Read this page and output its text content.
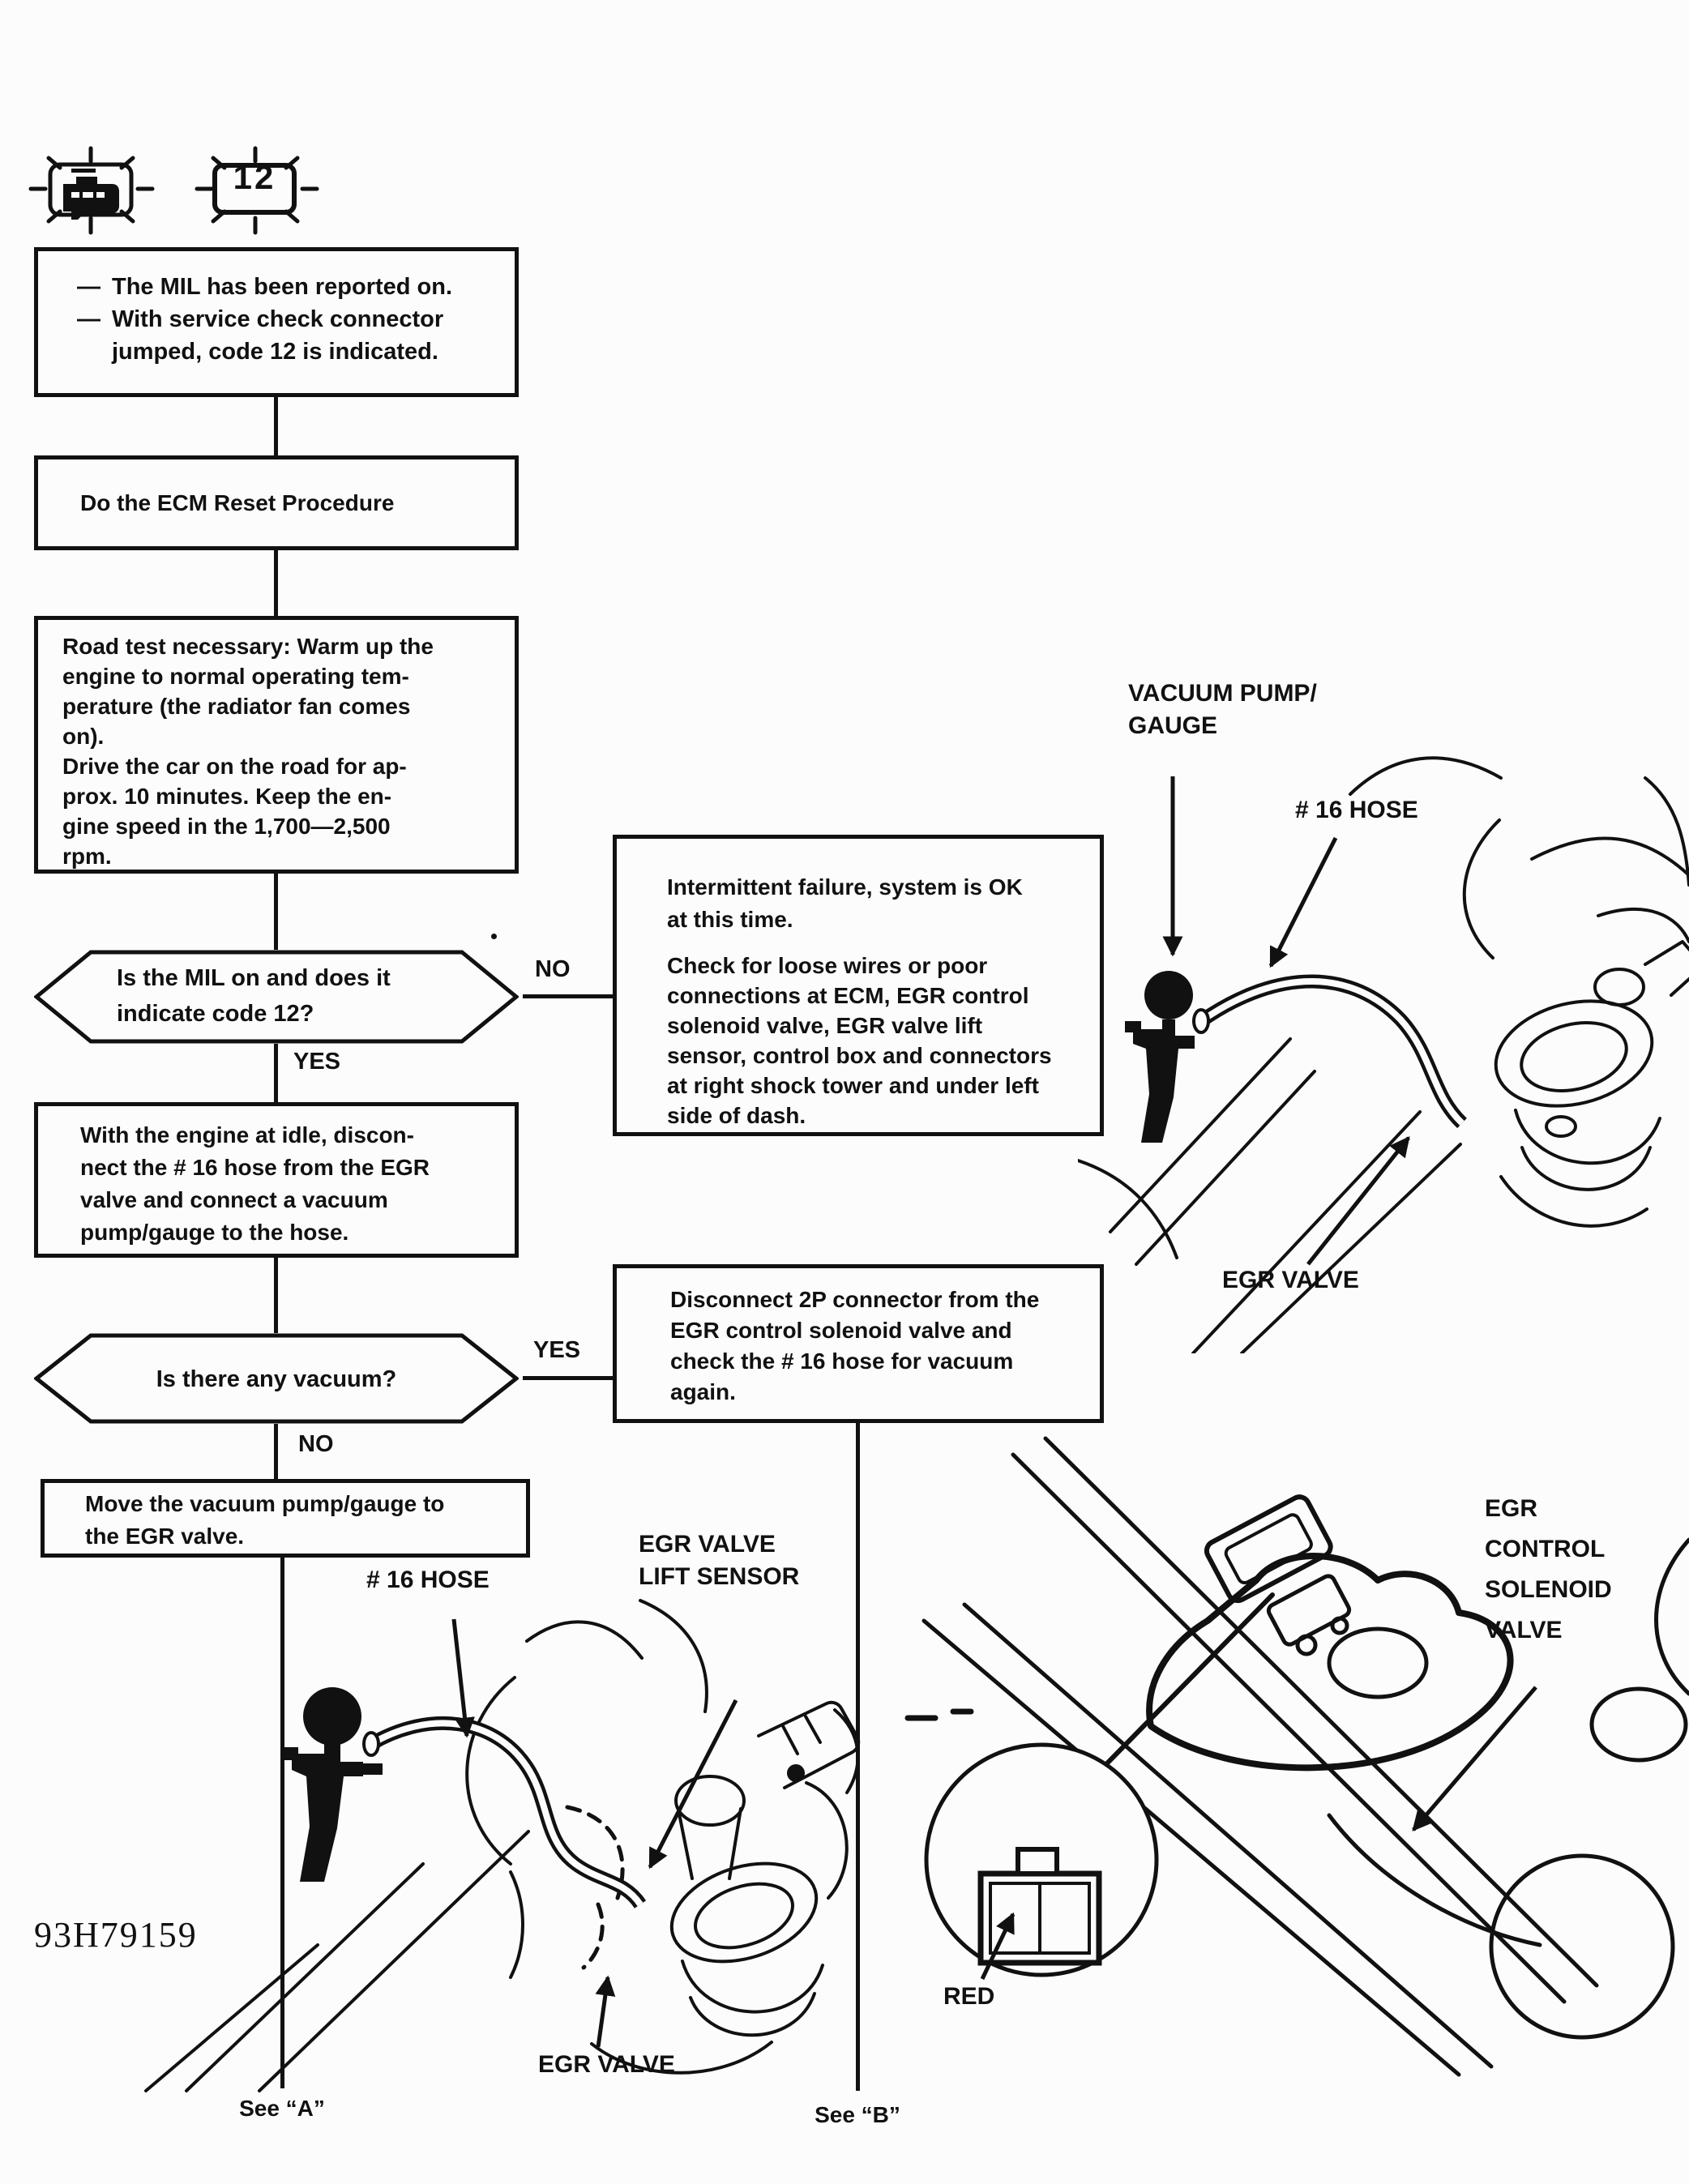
12
— The MIL has been reported on.
— With service check connector
jumped, code 12 is indicated.
Do the ECM Reset Procedure
Road test necessary: Warm up the
engine to normal operating tem-
perature (the radiator fan comes
on).
Drive the car on the road for ap-
prox. 10 minutes. Keep the en-
gine speed in the 1,700—2,500
rpm.
Is the MIL on and does it
indicate code 12?
NO
YES
With the engine at idle, discon-
nect the # 16 hose from the EGR
valve and connect a vacuum
pump/gauge to the hose.
Is there any vacuum?
YES
NO
Move the vacuum pump/gauge to
the EGR valve.
See “A”
Intermittent failure, system is OK
at this time.
Check for loose wires or poor
connections at ECM, EGR control
solenoid valve, EGR valve lift
sensor, control box and connectors
at right shock tower and under left
side of dash.
Disconnect 2P connector from the
EGR control solenoid valve and
check the # 16 hose for vacuum
again.
See “B”
VACUUM PUMP/
GAUGE
# 16 HOSE
EGR VALVE
# 16 HOSE
EGR VALVE
LIFT SENSOR
EGR VALVE
EGR
CONTROL
SOLENOID
VALVE
RED
93H79159
